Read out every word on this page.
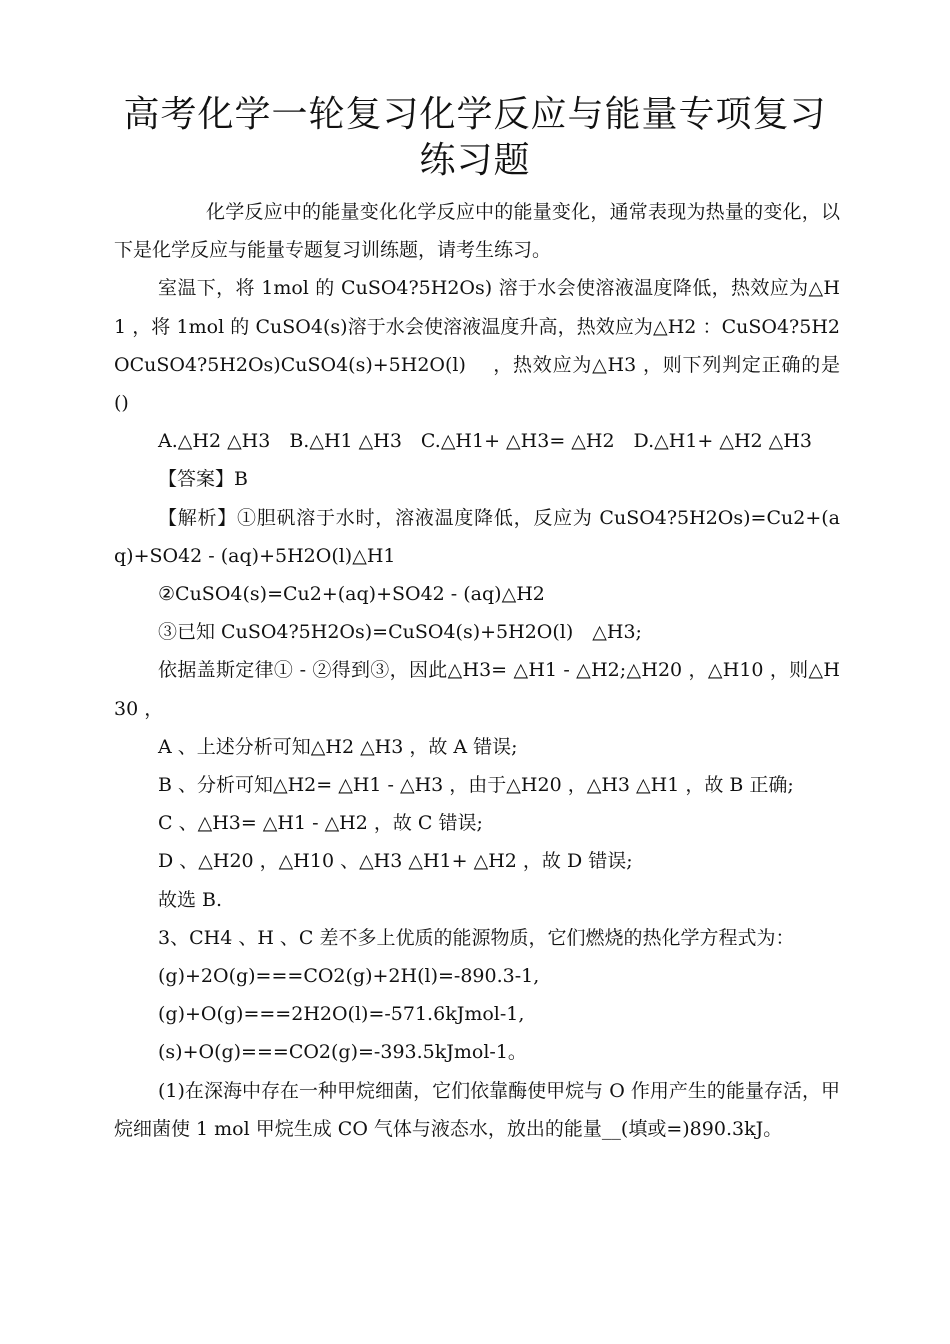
高考化学一轮复习化学反应与能量专项复习练习题

化学反应中的能量变化化学反应中的能量变化，通常表现为热量的变化，以下是化学反应与能量专题复习训练题，请考生练习。

室温下，将 1mol 的 CuSO4?5H2Os) 溶于水会使溶液温度降低，热效应为△H1 ，将 1mol 的 CuSO4(s)溶于水会使溶液温度升高，热效应为△H2 ：CuSO4?5H2OCuSO4?5H2Os)CuSO4(s)+5H2O(l)　 ，热效应为△H3 ，则下列判定正确的是()

A.△H2 △H3　B.△H1 △H3　C.△H1+ △H3= △H2　D.△H1+ △H2 △H3

【答案】B

【解析】①胆矾溶于水时，溶液温度降低，反应为 CuSO4?5H2Os)=Cu2+(aq)+SO42 - (aq)+5H2O(l)△H1

②CuSO4(s)=Cu2+(aq)+SO42 - (aq)△H2

③已知 CuSO4?5H2Os)=CuSO4(s)+5H2O(l)　△H3;

依据盖斯定律① - ②得到③，因此△H3= △H1 - △H2;△H20 ，△H10 ，则△H30 ，

A 、上述分析可知△H2 △H3 ，故 A 错误;

B 、分析可知△H2= △H1 - △H3 ，由于△H20 ，△H3 △H1 ，故 B 正确;

C 、△H3= △H1 - △H2 ，故 C 错误;

D 、△H20 ，△H10 、△H3 △H1+ △H2 ，故 D 错误;

故选 B.

3、CH4 、H 、C 差不多上优质的能源物质，它们燃烧的热化学方程式为：

(g)+2O(g)===CO2(g)+2H(l)=-890.3-1,

(g)+O(g)===2H2O(l)=-571.6kJmol-1,

(s)+O(g)===CO2(g)=-393.5kJmol-1。

(1)在深海中存在一种甲烷细菌，它们依靠酶使甲烷与 O 作用产生的能量存活，甲烷细菌使 1 mol 甲烷生成 CO 气体与液态水，放出的能量__(填或=)890.3kJ。
